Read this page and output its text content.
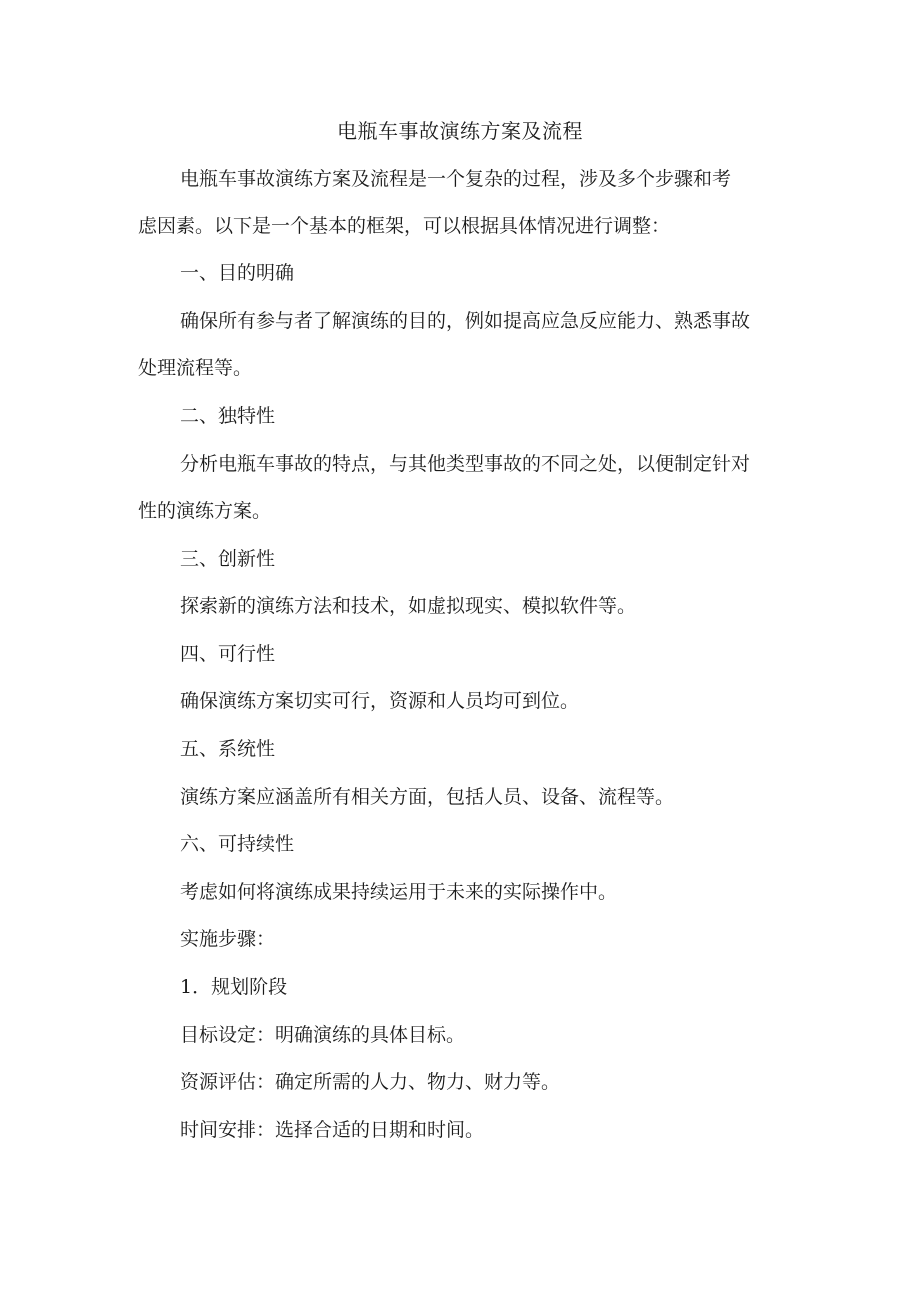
电瓶车事故演练方案及流程
电瓶车事故演练方案及流程是一个复杂的过程，涉及多个步骤和考
虑因素。以下是一个基本的框架，可以根据具体情况进行调整：
一、目的明确
确保所有参与者了解演练的目的，例如提高应急反应能力、熟悉事故
处理流程等。
二、独特性
分析电瓶车事故的特点，与其他类型事故的不同之处，以便制定针对
性的演练方案。
三、创新性
探索新的演练方法和技术，如虚拟现实、模拟软件等。
四、可行性
确保演练方案切实可行，资源和人员均可到位。
五、系统性
演练方案应涵盖所有相关方面，包括人员、设备、流程等。
六、可持续性
考虑如何将演练成果持续运用于未来的实际操作中。
实施步骤：
1．规划阶段
目标设定：明确演练的具体目标。
资源评估：确定所需的人力、物力、财力等。
时间安排：选择合适的日期和时间。
